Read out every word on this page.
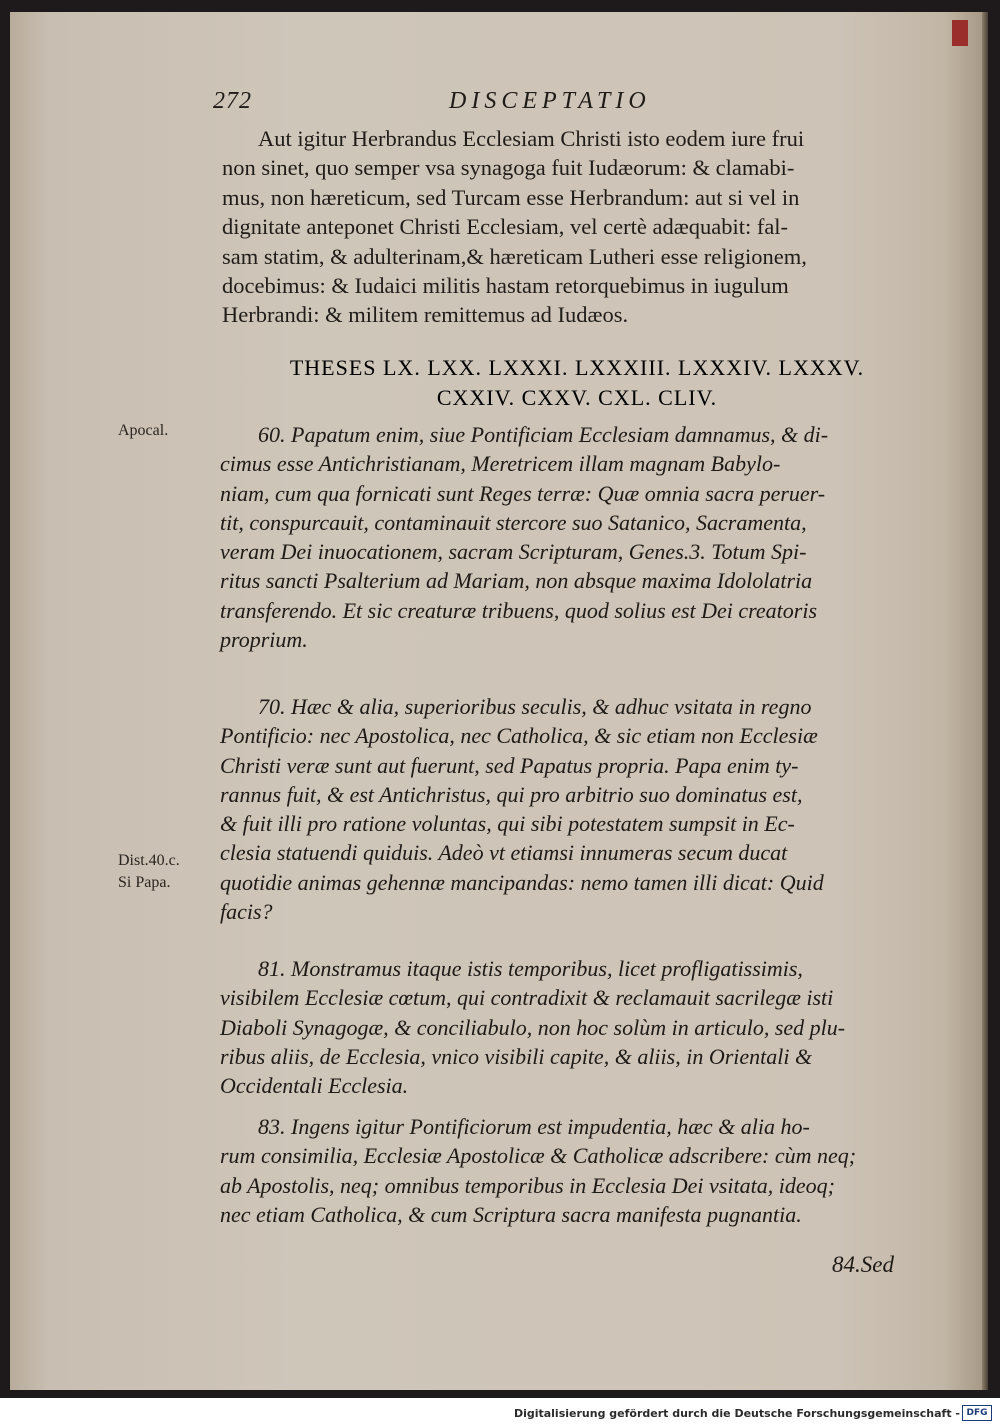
272	DISCEPTATIO
Aut igitur Herbrandus Ecclesiam Christi isto eodem iure frui
non sinet, quo semper vsa synagoga fuit Iudæorum: & clamabi-
mus, non hæreticum, sed Turcam esse Herbrandum: aut si vel in
dignitate anteponet Christi Ecclesiam, vel certè adæquabit: fal-
sam statim, & adulterinam,& hæreticam Lutheri esse religionem,
docebimus: & Iudaici militis hastam retorquebimus in iugulum
Herbrandi: & militem remittemus ad Iudæos.
THESES LX. LXX. LXXXI. LXXXIII. LXXXIV. LXXXV.
CXXIV. CXXV. CXL. CLIV.
Apocal.	60. Papatum enim, siue Pontificiam Ecclesiam damnamus, & di-
cimus esse Antichristianam, Meretricem illam magnam Babylo-
niam, cum qua fornicati sunt Reges terræ: Quæ omnia sacra peruer-
tit, conspurcauit, contaminauit stercore suo Satanico, Sacramenta,
veram Dei inuocationem, sacram Scripturam, Genes.3. Totum Spi-
ritus sancti Psalterium ad Mariam, non absque maxima Idololatria
transferendo. Et sic creaturæ tribuens, quod solius est Dei creatoris
proprium.
70. Hæc & alia, superioribus seculis, & adhuc vsitata in regno
Pontificio: nec Apostolica, nec Catholica, & sic etiam non Ecclesiæ
Christi veræ sunt aut fuerunt, sed Papatus propria. Papa enim ty-
rannus fuit, & est Antichristus, qui pro arbitrio suo dominatus est,
& fuit illi pro ratione voluntas, qui sibi potestatem sumpsit in Ec-
clesia statuendi quiduis. Adeò vt etiamsi innumeras secum ducat
quotidie animas gehennæ mancipandas: nemo tamen illi dicat: Quid
facis?
Dist.40.c.
Si Papa.
81. Monstramus itaque istis temporibus, licet profligatissimis,
visibilem Ecclesiæ cœtum, qui contradixit & reclamauit sacrilegæ isti
Diaboli Synagogæ, & conciliabulo, non hoc solùm in articulo, sed plu-
ribus aliis, de Ecclesia, vnico visibili capite, & aliis, in Orientali &
Occidentali Ecclesia.
83. Ingens igitur Pontificiorum est impudentia, hæc & alia ho-
rum consimilia, Ecclesiæ Apostolicæ & Catholicæ adscribere: cùm neq;
ab Apostolis, neq; omnibus temporibus in Ecclesia Dei vsitata, ideoq;
nec etiam Catholica, & cum Scriptura sacra manifesta pugnantia.
84.Sed
Digitalisierung gefördert durch die Deutsche Forschungsgemeinschaft - DFG
